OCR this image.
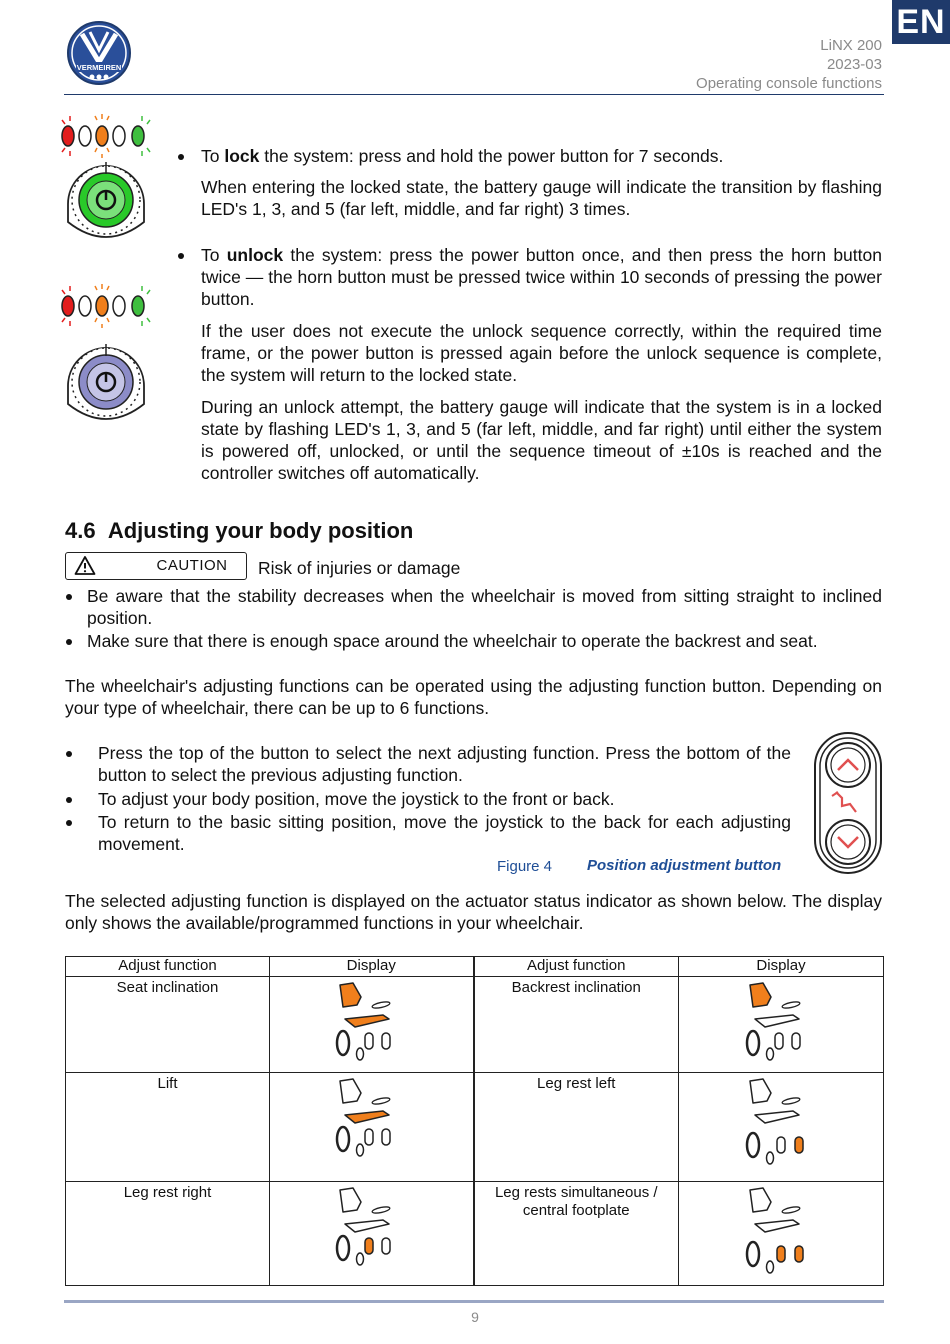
EN
VERMEIREN
LiNX 200
2023-03
Operating console functions
To lock the system: press and hold the power button for 7 seconds.
When entering the locked state, the battery gauge will indicate the transition by flashing LED's 1, 3, and 5 (far left, middle, and far right) 3 times.
To unlock the system: press the power button once, and then press the horn button twice — the horn button must be pressed twice within 10 seconds of pressing the power button.
If the user does not execute the unlock sequence correctly, within the required time frame, or the power button is pressed again before the unlock sequence is complete, the system will return to the locked state.
During an unlock attempt, the battery gauge will indicate that the system is in a locked state by flashing LED's 1, 3, and 5 (far left, middle, and far right) until either the system is powered off, unlocked, or until the sequence timeout of ±10s is reached and the controller switches off automatically.
4.6 Adjusting your body position
CAUTION	Risk of injuries or damage
Be aware that the stability decreases when the wheelchair is moved from sitting straight to inclined position.
Make sure that there is enough space around the wheelchair to operate the backrest and seat.
The wheelchair's adjusting functions can be operated using the adjusting function button. Depending on your type of wheelchair, there can be up to 6 functions.
Press the top of the button to select the next adjusting function. Press the bottom of the button to select the previous adjusting function.
To adjust your body position, move the joystick to the front or back.
To return to the basic sitting position, move the joystick to the back for each adjusting movement.
Figure 4 Position adjustment button
The selected adjusting function is displayed on the actuator status indicator as shown below. The display only shows the available/programmed functions in your wheelchair.
Adjust function	Display	Adjust function	Display
Seat inclination		Backrest inclination	
Lift		Leg rest left	
Leg rest right		Leg rests simultaneous / central footplate	
9
